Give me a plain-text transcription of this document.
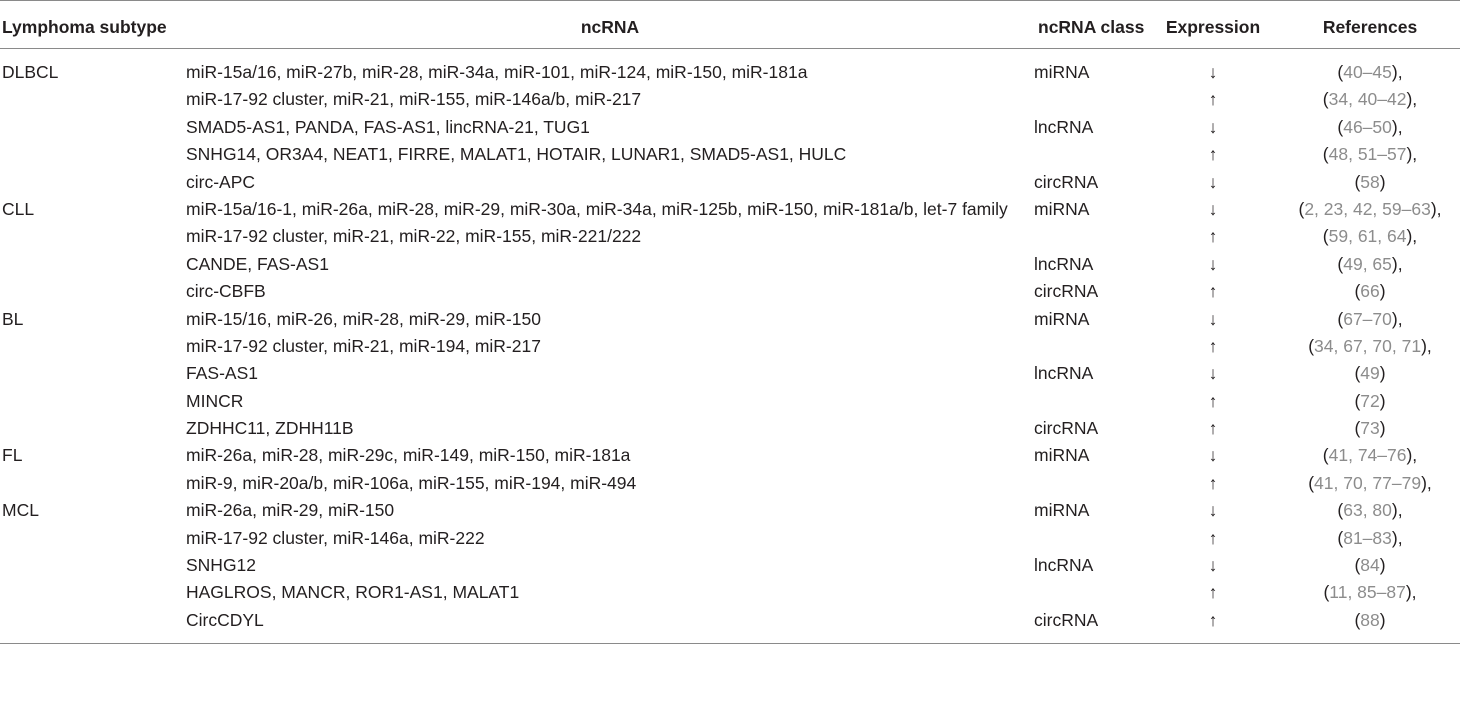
Lymphoma subtype	ncRNA	ncRNA class	Expression	References
DLBCL	miR-15a/16, miR-27b, miR-28, miR-34a, miR-101, miR-124, miR-150, miR-181a	miRNA	↓	(40–45),
	miR-17-92 cluster, miR-21, miR-155, miR-146a/b, miR-217		↑	(34, 40–42),
	SMAD5-AS1, PANDA, FAS-AS1, lincRNA-21, TUG1	lncRNA	↓	(46–50),
	SNHG14, OR3A4, NEAT1, FIRRE, MALAT1, HOTAIR, LUNAR1, SMAD5-AS1, HULC		↑	(48, 51–57),
	circ-APC	circRNA	↓	(58)
CLL	miR-15a/16-1, miR-26a, miR-28, miR-29, miR-30a, miR-34a, miR-125b, miR-150, miR-181a/b, let-7 family	miRNA	↓	(2, 23, 42, 59–63),
	miR-17-92 cluster, miR-21, miR-22, miR-155, miR-221/222		↑	(59, 61, 64),
	CANDE, FAS-AS1	lncRNA	↓	(49, 65),
	circ-CBFB	circRNA	↑	(66)
BL	miR-15/16, miR-26, miR-28, miR-29, miR-150	miRNA	↓	(67–70),
	miR-17-92 cluster, miR-21, miR-194, miR-217		↑	(34, 67, 70, 71),
	FAS-AS1	lncRNA	↓	(49)
	MINCR		↑	(72)
	ZDHHC11, ZDHH11B	circRNA	↑	(73)
FL	miR-26a, miR-28, miR-29c, miR-149, miR-150, miR-181a	miRNA	↓	(41, 74–76),
	miR-9, miR-20a/b, miR-106a, miR-155, miR-194, miR-494		↑	(41, 70, 77–79),
MCL	miR-26a, miR-29, miR-150	miRNA	↓	(63, 80),
	miR-17-92 cluster, miR-146a, miR-222		↑	(81–83),
	SNHG12	lncRNA	↓	(84)
	HAGLROS, MANCR, ROR1-AS1, MALAT1		↑	(11, 85–87),
	CircCDYL	circRNA	↑	(88)
